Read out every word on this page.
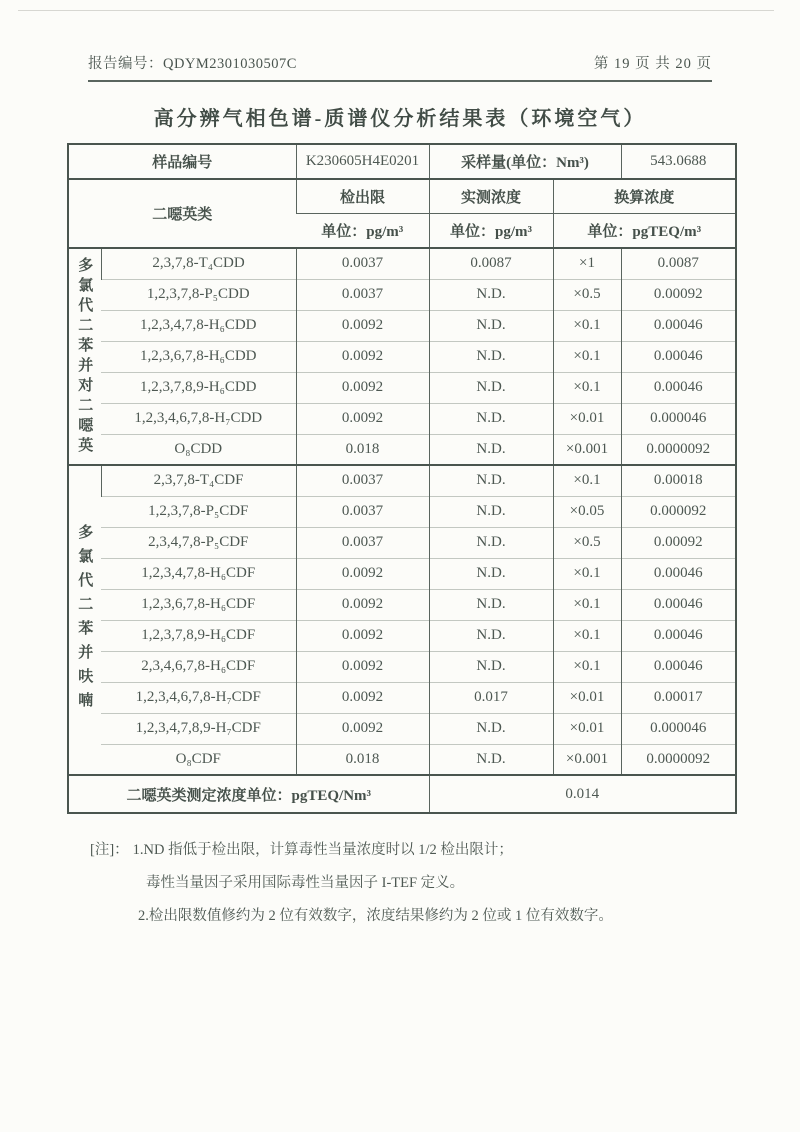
报告编号：QDYM2301030507C	第 19 页 共 20 页
高分辨气相色谱-质谱仪分析结果表（环境空气）
样品编号		K230605H4E0201	采样量(单位：Nm³)		543.0688
二噁英类		检出限	实测浓度	换算浓度	
		单位：pg/m³	单位：pg/m³	单位：pgTEQ/m³	
多氯代二苯并对二噁英	2,3,7,8-T₄CDD	0.0037	0.0087	×1	0.0087
	1,2,3,7,8-P₅CDD	0.0037	N.D.	×0.5	0.00092
	1,2,3,4,7,8-H₆CDD	0.0092	N.D.	×0.1	0.00046
	1,2,3,6,7,8-H₆CDD	0.0092	N.D.	×0.1	0.00046
	1,2,3,7,8,9-H₆CDD	0.0092	N.D.	×0.1	0.00046
	1,2,3,4,6,7,8-H₇CDD	0.0092	N.D.	×0.01	0.000046
	O₈CDD	0.018	N.D.	×0.001	0.0000092
多氯代二苯并呋喃	2,3,7,8-T₄CDF	0.0037	N.D.	×0.1	0.00018
	1,2,3,7,8-P₅CDF	0.0037	N.D.	×0.05	0.000092
	2,3,4,7,8-P₅CDF	0.0037	N.D.	×0.5	0.00092
	1,2,3,4,7,8-H₆CDF	0.0092	N.D.	×0.1	0.00046
	1,2,3,6,7,8-H₆CDF	0.0092	N.D.	×0.1	0.00046
	1,2,3,7,8,9-H₆CDF	0.0092	N.D.	×0.1	0.00046
	2,3,4,6,7,8-H₆CDF	0.0092	N.D.	×0.1	0.00046
	1,2,3,4,6,7,8-H₇CDF	0.0092	0.017	×0.01	0.00017
	1,2,3,4,7,8,9-H₇CDF	0.0092	N.D.	×0.01	0.000046
	O₈CDF	0.018	N.D.	×0.001	0.0000092
二噁英类测定浓度单位：pgTEQ/Nm³			0.014		
[注]： 1.ND 指低于检出限，计算毒性当量浓度时以 1/2 检出限计；
毒性当量因子采用国际毒性当量因子 I-TEF 定义。
2.检出限数值修约为 2 位有效数字，浓度结果修约为 2 位或 1 位有效数字。
